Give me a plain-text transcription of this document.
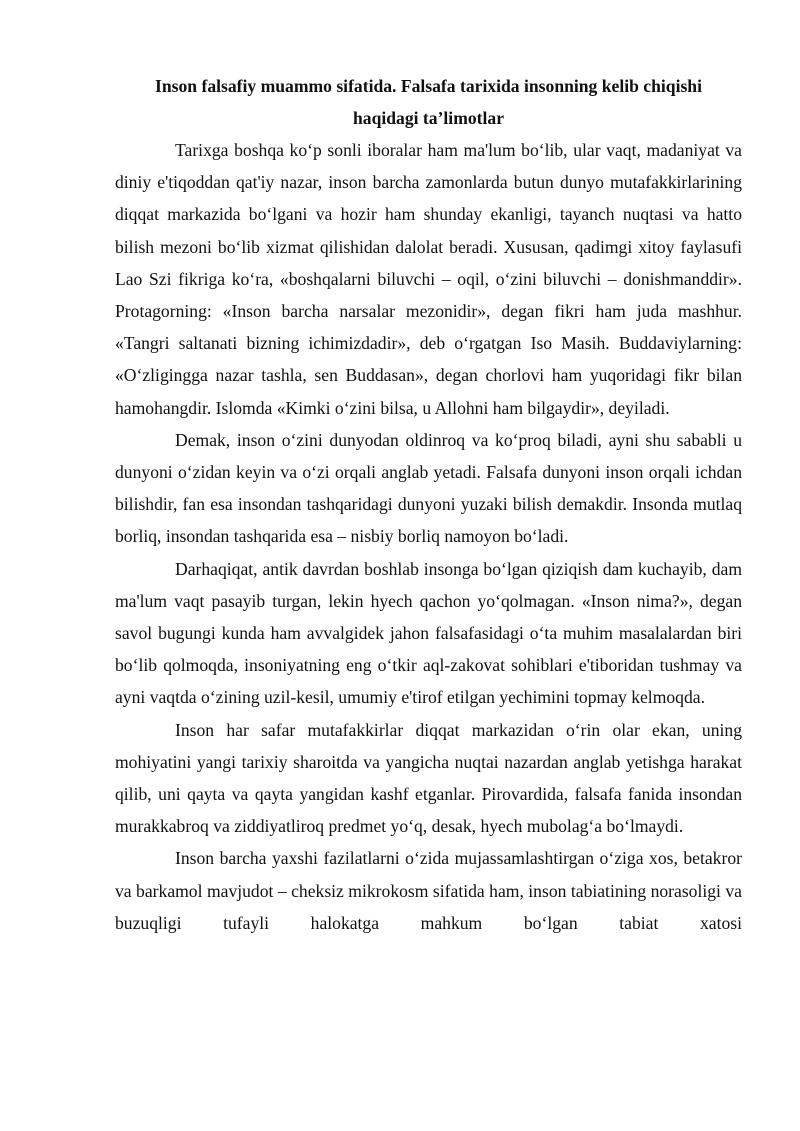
Inson falsafiy muammo sifatida. Falsafa tarixida insonning kelib chiqishi
haqidagi ta’limotlar

Tarixga boshqa ko‘p sonli iboralar ham ma'lum bo‘lib, ular vaqt, madaniyat va diniy e'tiqoddan qat'iy nazar, inson barcha zamonlarda butun dunyo mutafakkirlarining diqqat markazida bo‘lgani va hozir ham shunday ekanligi, tayanch nuqtasi va hatto bilish mezoni bo‘lib xizmat qilishidan dalolat beradi. Xususan, qadimgi xitoy faylasufi Lao Szi fikriga ko‘ra, «boshqalarni biluvchi – oqil, o‘zini biluvchi – donishmanddir». Protagorning: «Inson barcha narsalar mezonidir», degan fikri ham juda mashhur. «Tangri saltanati bizning ichimizdadir», deb o‘rgatgan Iso Masih. Buddaviylarning: «O‘zligingga nazar tashla, sen Buddasan», degan chorlovi ham yuqoridagi fikr bilan hamohangdir. Islomda «Kimki o‘zini bilsa, u Allohni ham bilgaydir», deyiladi.

Demak, inson o‘zini dunyodan oldinroq va ko‘proq biladi, ayni shu sababli u dunyoni o‘zidan keyin va o‘zi orqali anglab yetadi. Falsafa dunyoni inson orqali ichdan bilishdir, fan esa insondan tashqaridagi dunyoni yuzaki bilish demakdir. Insonda mutlaq borliq, insondan tashqarida esa – nisbiy borliq namoyon bo‘ladi.

Darhaqiqat, antik davrdan boshlab insonga bo‘lgan qiziqish dam kuchayib, dam ma'lum vaqt pasayib turgan, lekin hyech qachon yo‘qolmagan. «Inson nima?», degan savol bugungi kunda ham avvalgidek jahon falsafasidagi o‘ta muhim masalalardan biri bo‘lib qolmoqda, insoniyatning eng o‘tkir aql-zakovat sohiblari e'tiboridan tushmay va ayni vaqtda o‘zining uzil-kesil, umumiy e'tirof etilgan yechimini topmay kelmoqda.

Inson har safar mutafakkirlar diqqat markazidan o‘rin olar ekan, uning mohiyatini yangi tarixiy sharoitda va yangicha nuqtai nazardan anglab yetishga harakat qilib, uni qayta va qayta yangidan kashf etganlar. Pirovardida, falsafa fanida insondan murakkabroq va ziddiyatliroq predmet yo‘q, desak, hyech mubolag‘a bo‘lmaydi.

Inson barcha yaxshi fazilatlarni o‘zida mujassamlashtirgan o‘ziga xos, betakror va barkamol mavjudot – cheksiz mikrokosm sifatida ham, inson tabiatining norasoligi va buzuqligi tufayli halokatga mahkum bo‘lgan tabiat xatosi
